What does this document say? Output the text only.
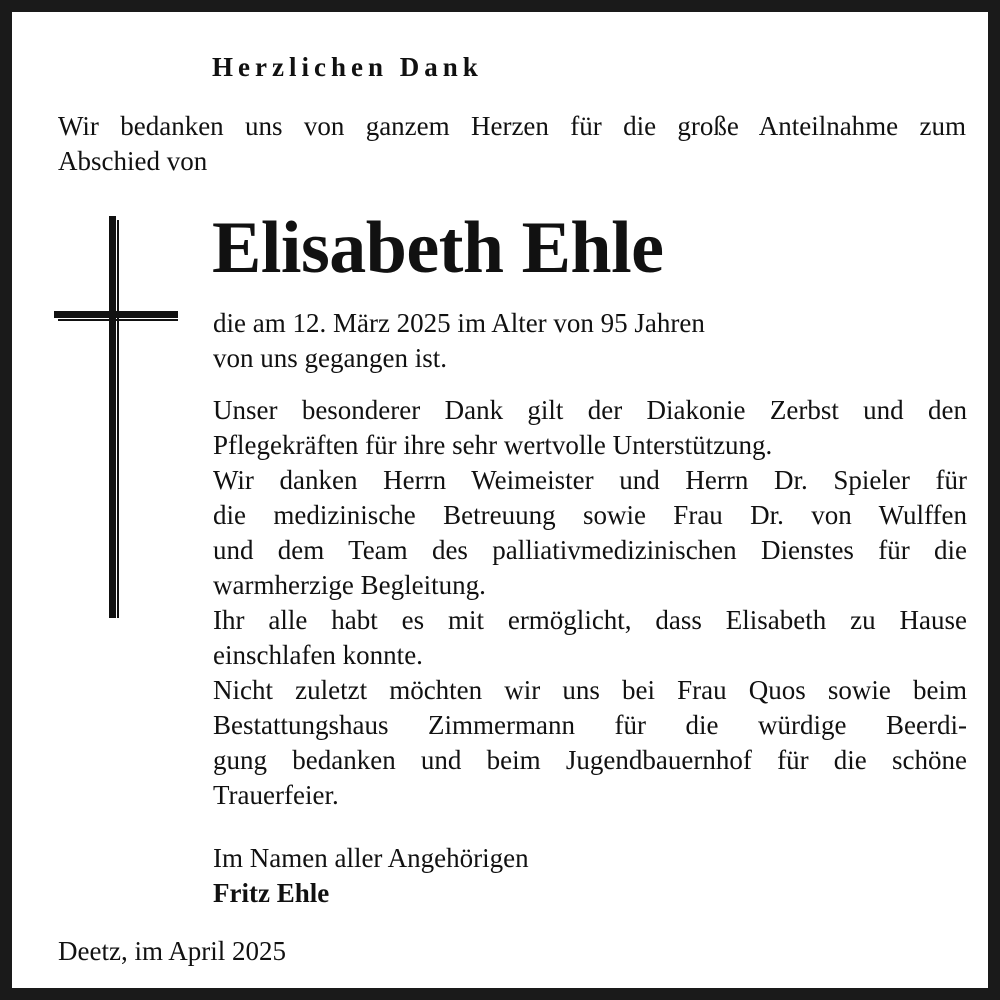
Herzlichen Dank
Wir bedanken uns von ganzem Herzen für die große Anteilnahme zum
Abschied von
Elisabeth Ehle
die am 12. März 2025 im Alter von 95 Jahren
von uns gegangen ist.
Unser besonderer Dank gilt der Diakonie Zerbst und den
Pflegekräften für ihre sehr wertvolle Unterstützung.
Wir danken Herrn Weimeister und Herrn Dr. Spieler für
die medizinische Betreuung sowie Frau Dr. von Wulffen
und dem Team des palliativmedizinischen Dienstes für die
warmherzige Begleitung.
Ihr alle habt es mit ermöglicht, dass Elisabeth zu Hause
einschlafen konnte.
Nicht zuletzt möchten wir uns bei Frau Quos sowie beim
Bestattungshaus Zimmermann für die würdige Beerdi-
gung bedanken und beim Jugendbauernhof für die schöne
Trauerfeier.
Im Namen aller Angehörigen
Fritz Ehle
Deetz, im April 2025
